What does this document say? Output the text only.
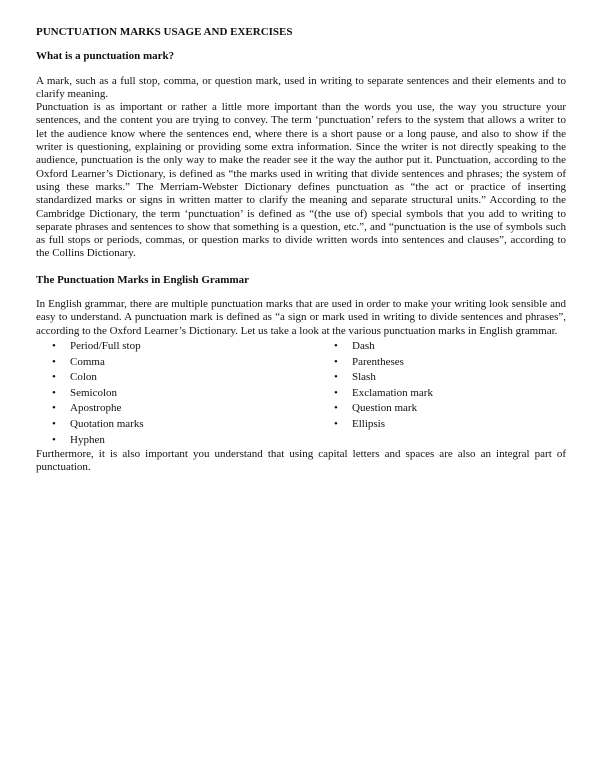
PUNCTUATION MARKS USAGE AND EXERCISES
What is a punctuation mark?

A mark, such as a full stop, comma, or question mark, used in writing to separate sentences and their elements and to clarify meaning.

Punctuation is as important or rather a little more important than the words you use, the way you structure your sentences, and the content you are trying to convey. The term ‘punctuation’ refers to the system that allows a writer to let the audience know where the sentences end, where there is a short pause or a long pause, and also to show if the writer is questioning, explaining or providing some extra information. Since the writer is not directly speaking to the audience, punctuation is the only way to make the reader see it the way the author put it. Punctuation, according to the Oxford Learner’s Dictionary, is defined as “the marks used in writing that divide sentences and phrases; the system of using these marks.” The Merriam-Webster Dictionary defines punctuation as “the act or practice of inserting standardized marks or signs in written matter to clarify the meaning and separate structural units.” According to the Cambridge Dictionary, the term ‘punctuation’ is defined as “(the use of) special symbols that you add to writing to separate phrases and sentences to show that something is a question, etc.”, and “punctuation is the use of symbols such as full stops or periods, commas, or question marks to divide written words into sentences and clauses”, according to the Collins Dictionary.

The Punctuation Marks in English Grammar

In English grammar, there are multiple punctuation marks that are used in order to make your writing look sensible and easy to understand. A punctuation mark is defined as “a sign or mark used in writing to divide sentences and phrases”, according to the Oxford Learner’s Dictionary. Let us take a look at the various punctuation marks in English grammar.

• Period/Full stop
• Comma
• Colon
• Semicolon
• Apostrophe
• Quotation marks
• Hyphen
• Dash
• Parentheses
• Slash
• Exclamation mark
• Question mark
• Ellipsis

Furthermore, it is also important you understand that using capital letters and spaces are also an integral part of punctuation.
